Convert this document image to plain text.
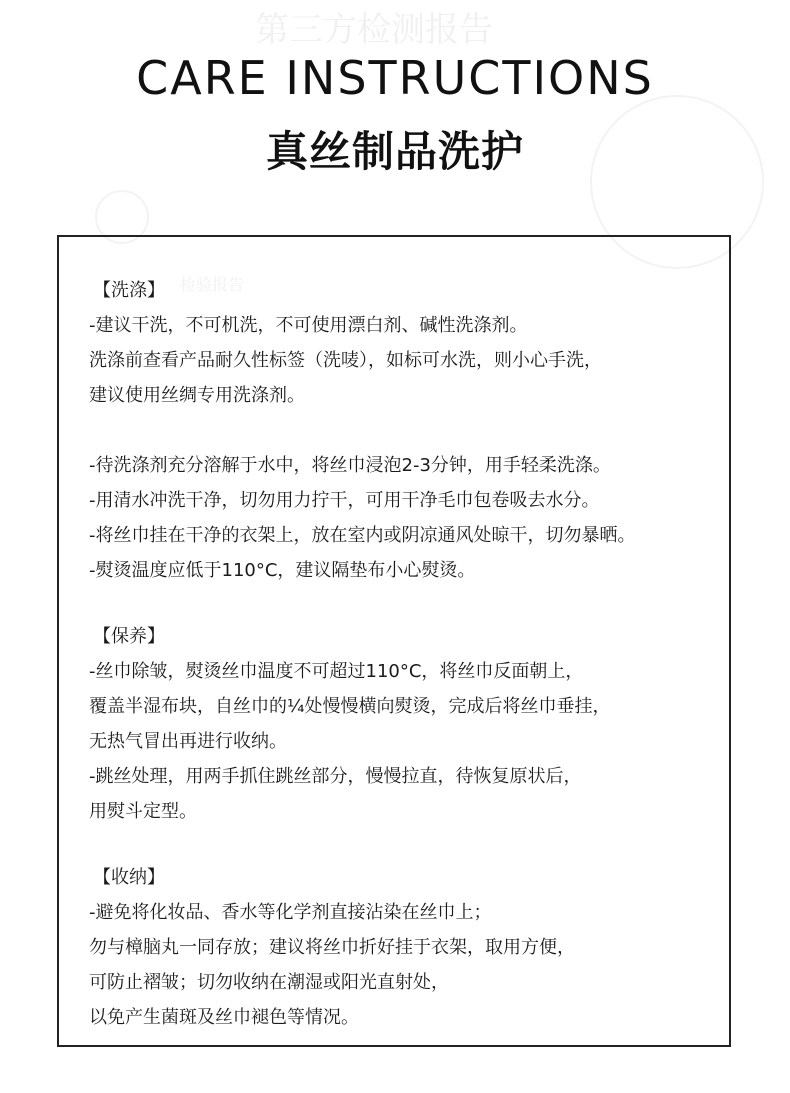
第三方检测报告
检验报告
CARE INSTRUCTIONS
真丝制品洗护
【洗涤】
-建议干洗，不可机洗，不可使用漂白剂、碱性洗涤剂。
洗涤前查看产品耐久性标签（洗唛），如标可水洗，则小心手洗，
建议使用丝绸专用洗涤剂。
-待洗涤剂充分溶解于水中，将丝巾浸泡2-3分钟，用手轻柔洗涤。
-用清水冲洗干净，切勿用力拧干，可用干净毛巾包卷吸去水分。
-将丝巾挂在干净的衣架上，放在室内或阴凉通风处晾干，切勿暴晒。
-熨烫温度应低于110°C，建议隔垫布小心熨烫。
【保养】
-丝巾除皱，熨烫丝巾温度不可超过110°C，将丝巾反面朝上，
覆盖半湿布块，自丝巾的¼处慢慢横向熨烫，完成后将丝巾垂挂，
无热气冒出再进行收纳。
-跳丝处理，用两手抓住跳丝部分，慢慢拉直，待恢复原状后，
用熨斗定型。
【收纳】
-避免将化妆品、香水等化学剂直接沾染在丝巾上；
勿与樟脑丸一同存放；建议将丝巾折好挂于衣架，取用方便，
可防止褶皱；切勿收纳在潮湿或阳光直射处，
以免产生菌斑及丝巾褪色等情况。
